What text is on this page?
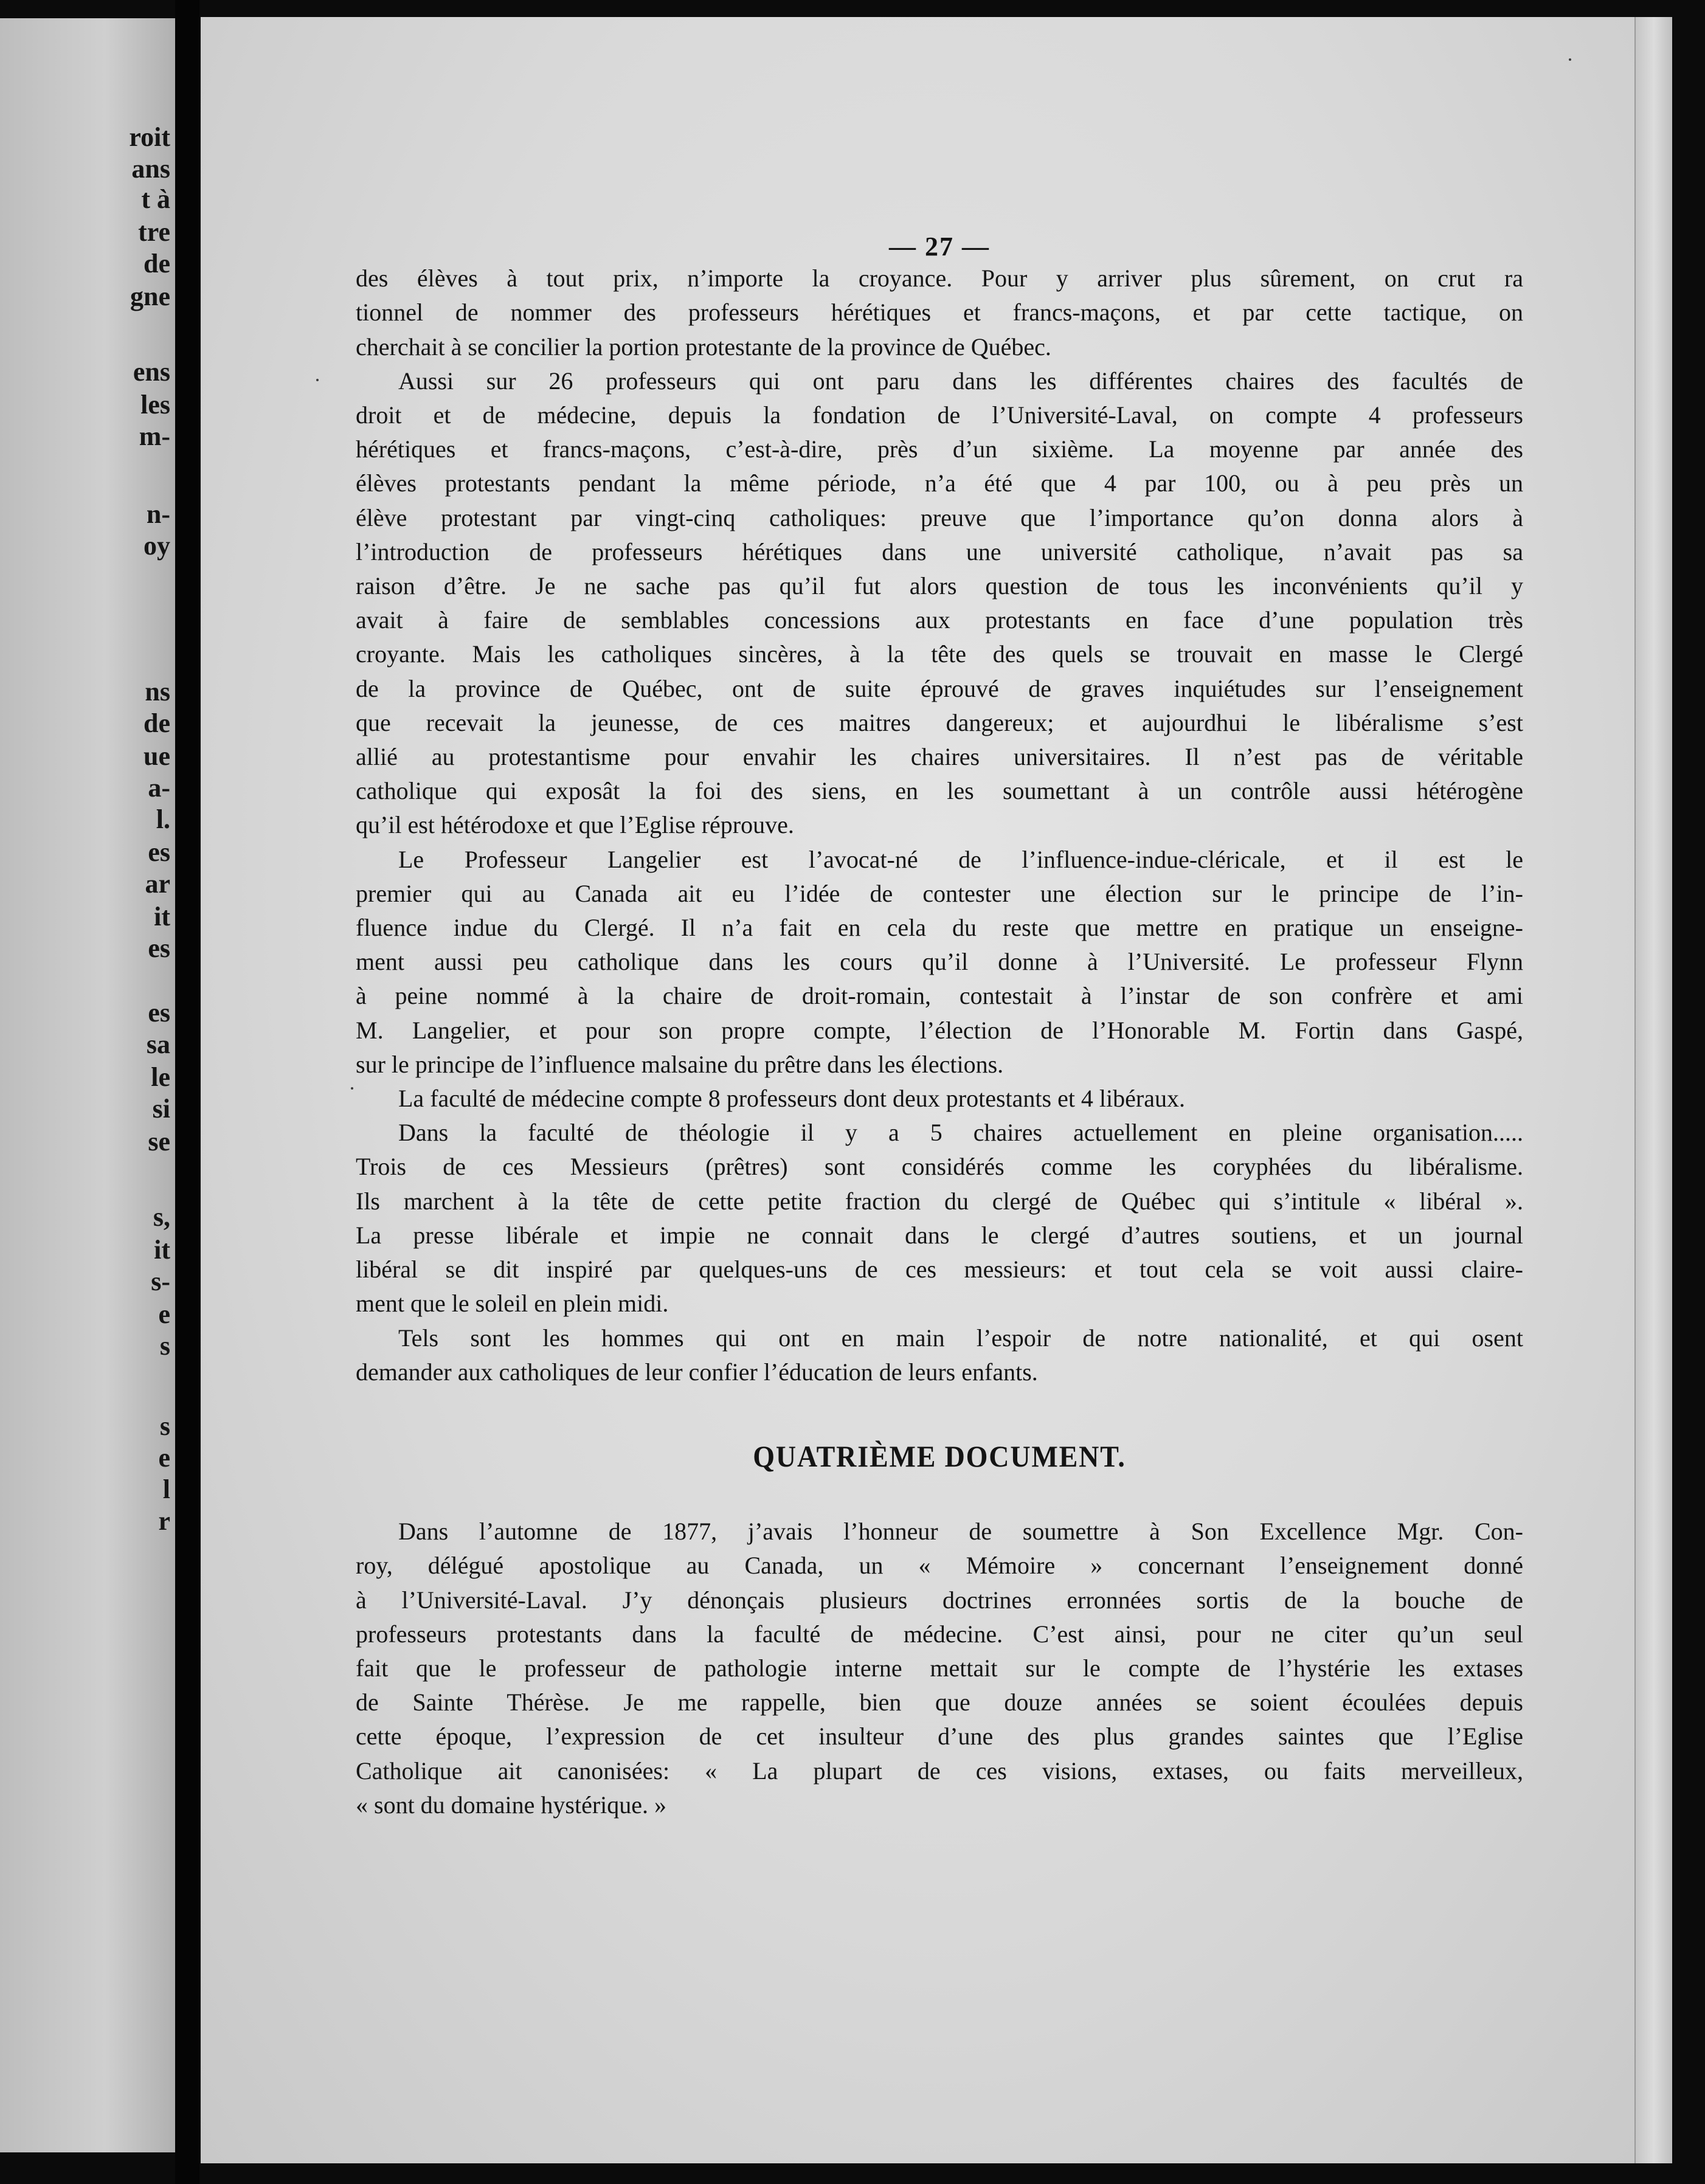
roit
ans
t à
tre
de
gne
ens
les
m-
n-
oy
ns
de
ue
a-
l.
es
ar
it
es
es
sa
le
si
se
s,
it
s-
e
s
s
e
l
r
— 27 —
des élèves à tout prix, n’importe la croyance. Pour y arriver plus sûrement, on crut ra
tionnel de nommer des professeurs hérétiques et francs-maçons, et par cette tactique, on
cherchait à se concilier la portion protestante de la province de Québec.
Aussi sur 26 professeurs qui ont paru dans les différentes chaires des facultés de
droit et de médecine, depuis la fondation de l’Université-Laval, on compte 4 professeurs
hérétiques et francs-maçons, c’est-à-dire, près d’un sixième. La moyenne par année des
élèves protestants pendant la même période, n’a été que 4 par 100, ou à peu près un
élève protestant par vingt-cinq catholiques: preuve que l’importance qu’on donna alors à
l’introduction de professeurs hérétiques dans une université catholique, n’avait pas sa
raison d’être. Je ne sache pas qu’il fut alors question de tous les inconvénients qu’il y
avait à faire de semblables concessions aux protestants en face d’une population très
croyante. Mais les catholiques sincères, à la tête des quels se trouvait en masse le Clergé
de la province de Québec, ont de suite éprouvé de graves inquiétudes sur l’enseignement
que recevait la jeunesse, de ces maitres dangereux; et aujourdhui le libéralisme s’est
allié au protestantisme pour envahir les chaires universitaires. Il n’est pas de véritable
catholique qui exposât la foi des siens, en les soumettant à un contrôle aussi hétérogène
qu’il est hétérodoxe et que l’Eglise réprouve.
Le Professeur Langelier est l’avocat-né de l’influence-indue-cléricale, et il est le
premier qui au Canada ait eu l’idée de contester une élection sur le principe de l’in-
fluence indue du Clergé. Il n’a fait en cela du reste que mettre en pratique un enseigne-
ment aussi peu catholique dans les cours qu’il donne à l’Université. Le professeur Flynn
à peine nommé à la chaire de droit-romain, contestait à l’instar de son confrère et ami
M. Langelier, et pour son propre compte, l’élection de l’Honorable M. Fortin dans Gaspé,
sur le principe de l’influence malsaine du prêtre dans les élections.
La faculté de médecine compte 8 professeurs dont deux protestants et 4 libéraux.
Dans la faculté de théologie il y a 5 chaires actuellement en pleine organisation.....
Trois de ces Messieurs (prêtres) sont considérés comme les coryphées du libéralisme.
Ils marchent à la tête de cette petite fraction du clergé de Québec qui s’intitule « libéral ».
La presse libérale et impie ne connait dans le clergé d’autres soutiens, et un journal
libéral se dit inspiré par quelques-uns de ces messieurs: et tout cela se voit aussi claire-
ment que le soleil en plein midi.
Tels sont les hommes qui ont en main l’espoir de notre nationalité, et qui osent
demander aux catholiques de leur confier l’éducation de leurs enfants.
QUATRIÈME DOCUMENT.
Dans l’automne de 1877, j’avais l’honneur de soumettre à Son Excellence Mgr. Con-
roy, délégué apostolique au Canada, un « Mémoire » concernant l’enseignement donné
à l’Université-Laval. J’y dénonçais plusieurs doctrines erronnées sortis de la bouche de
professeurs protestants dans la faculté de médecine. C’est ainsi, pour ne citer qu’un seul
fait que le professeur de pathologie interne mettait sur le compte de l’hystérie les extases
de Sainte Thérèse. Je me rappelle, bien que douze années se soient écoulées depuis
cette époque, l’expression de cet insulteur d’une des plus grandes saintes que l’Eglise
Catholique ait canonisées: « La plupart de ces visions, extases, ou faits merveilleux,
« sont du domaine hystérique. »
